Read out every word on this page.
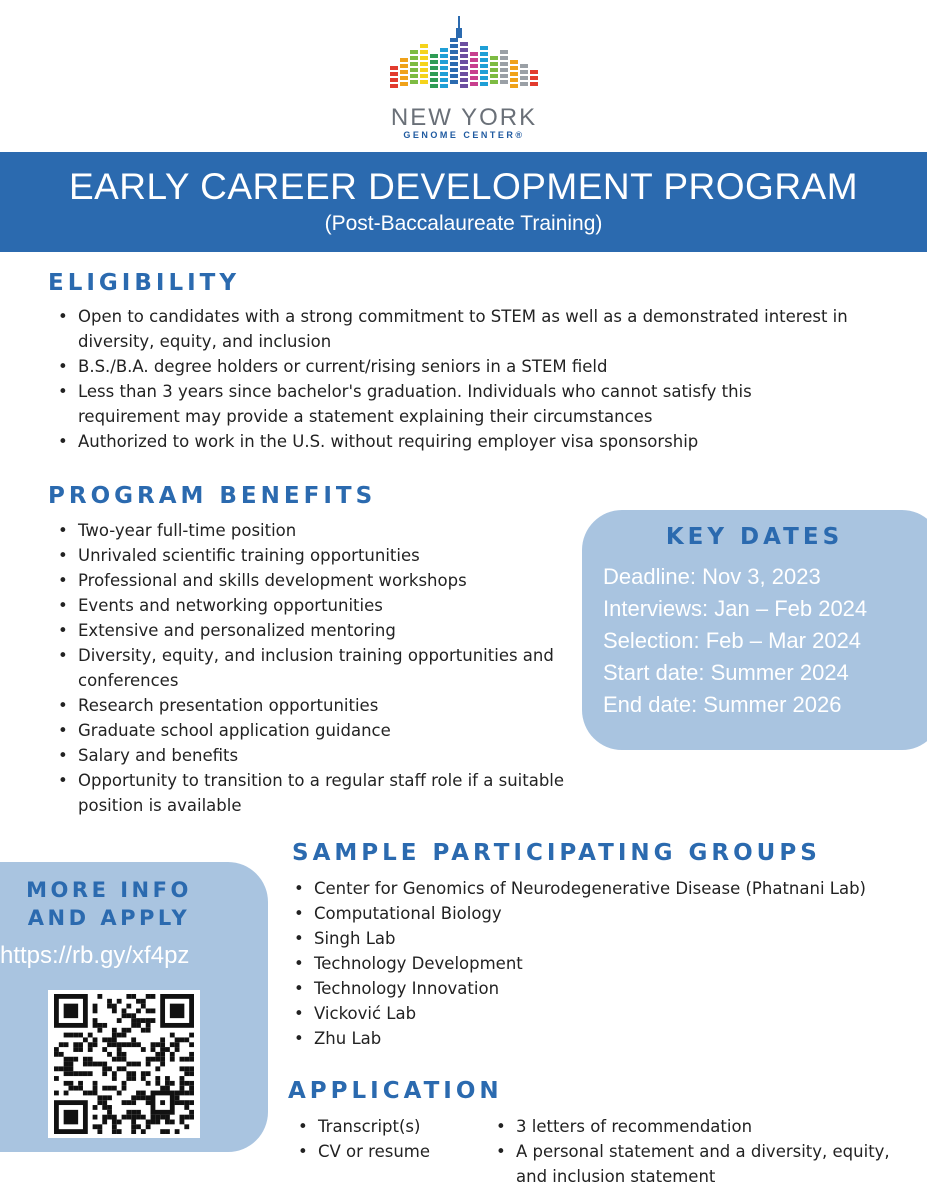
NEW YORK
GENOME CENTER®
EARLY CAREER DEVELOPMENT PROGRAM
(Post-Baccalaureate Training)
ELIGIBILITY
• Open to candidates with a strong commitment to STEM as well as a demonstrated interest in diversity, equity, and inclusion
• B.S./B.A. degree holders or current/rising seniors in a STEM field
• Less than 3 years since bachelor's graduation. Individuals who cannot satisfy this requirement may provide a statement explaining their circumstances
• Authorized to work in the U.S. without requiring employer visa sponsorship
PROGRAM BENEFITS
• Two-year full-time position
• Unrivaled scientific training opportunities
• Professional and skills development workshops
• Events and networking opportunities
• Extensive and personalized mentoring
• Diversity, equity, and inclusion training opportunities and conferences
• Research presentation opportunities
• Graduate school application guidance
• Salary and benefits
• Opportunity to transition to a regular staff role if a suitable position is available
KEY DATES
Deadline: Nov 3, 2023
Interviews: Jan – Feb 2024
Selection: Feb – Mar 2024
Start date: Summer 2024
End date: Summer 2026
MORE INFO AND APPLY
https://rb.gy/xf4pz
SAMPLE PARTICIPATING GROUPS
• Center for Genomics of Neurodegenerative Disease (Phatnani Lab)
• Computational Biology
• Singh Lab
• Technology Development
• Technology Innovation
• Vicković Lab
• Zhu Lab
APPLICATION
• Transcript(s)
• CV or resume
• 3 letters of recommendation
• A personal statement and a diversity, equity, and inclusion statement
